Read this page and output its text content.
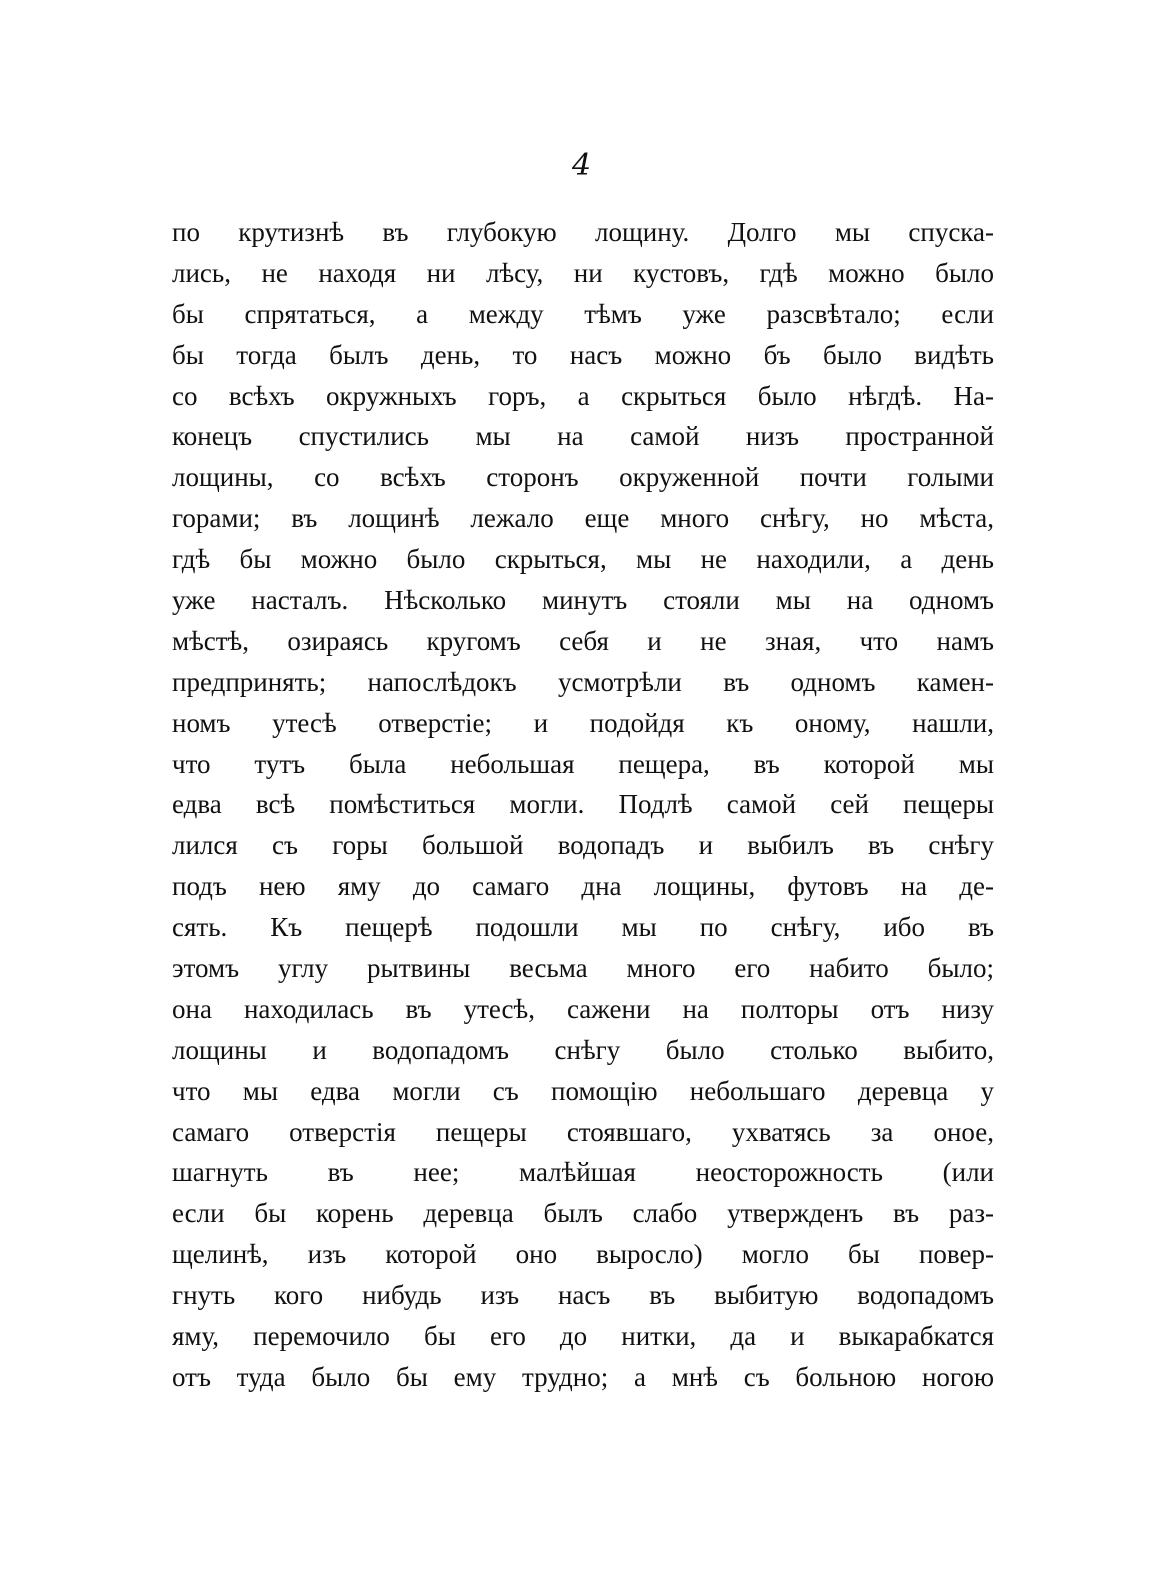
4
по крутизнѣ въ глубокую лощину. Долго мы спуска-
лись, не находя ни лѣсу, ни кустовъ, гдѣ можно было
бы спрятаться, а между тѣмъ уже разсвѣтало; если
бы тогда былъ день, то насъ можно бъ было видѣть
со всѣхъ окружныхъ горъ, а скрыться было нѣгдѣ. На-
конецъ спустились мы на самой низъ пространной
лощины, со всѣхъ сторонъ окруженной почти голыми
горами; въ лощинѣ лежало еще много снѣгу, но мѣста,
гдѣ бы можно было скрыться, мы не находили, а день
уже насталъ. Нѣсколько минутъ стояли мы на одномъ
мѣстѣ, озираясь кругомъ себя и не зная, что намъ
предпринять; напослѣдокъ усмотрѣли въ одномъ камен-
номъ утесѣ отверстіе; и подойдя къ оному, нашли,
что тутъ была небольшая пещера, въ которой мы
едва всѣ помѣститься могли. Подлѣ самой сей пещеры
лился съ горы большой водопадъ и выбилъ въ снѣгу
подъ нею яму до самаго дна лощины, футовъ на де-
сять. Къ пещерѣ подошли мы по снѣгу, ибо въ
этомъ углу рытвины весьма много его набито было;
она находилась въ утесѣ, сажени на полторы отъ низу
лощины и водопадомъ снѣгу было столько выбито,
что мы едва могли съ помощію небольшаго деревца у
самаго отверстія пещеры стоявшаго, ухватясь за оное,
шагнуть въ нее; малѣйшая неосторожность (или
если бы корень деревца былъ слабо утвержденъ въ раз-
щелинѣ, изъ которой оно выросло) могло бы повер-
гнуть кого нибудь изъ насъ въ выбитую водопадомъ
яму, перемочило бы его до нитки, да и выкарабкатся
отъ туда было бы ему трудно; а мнѣ съ больною ногою
